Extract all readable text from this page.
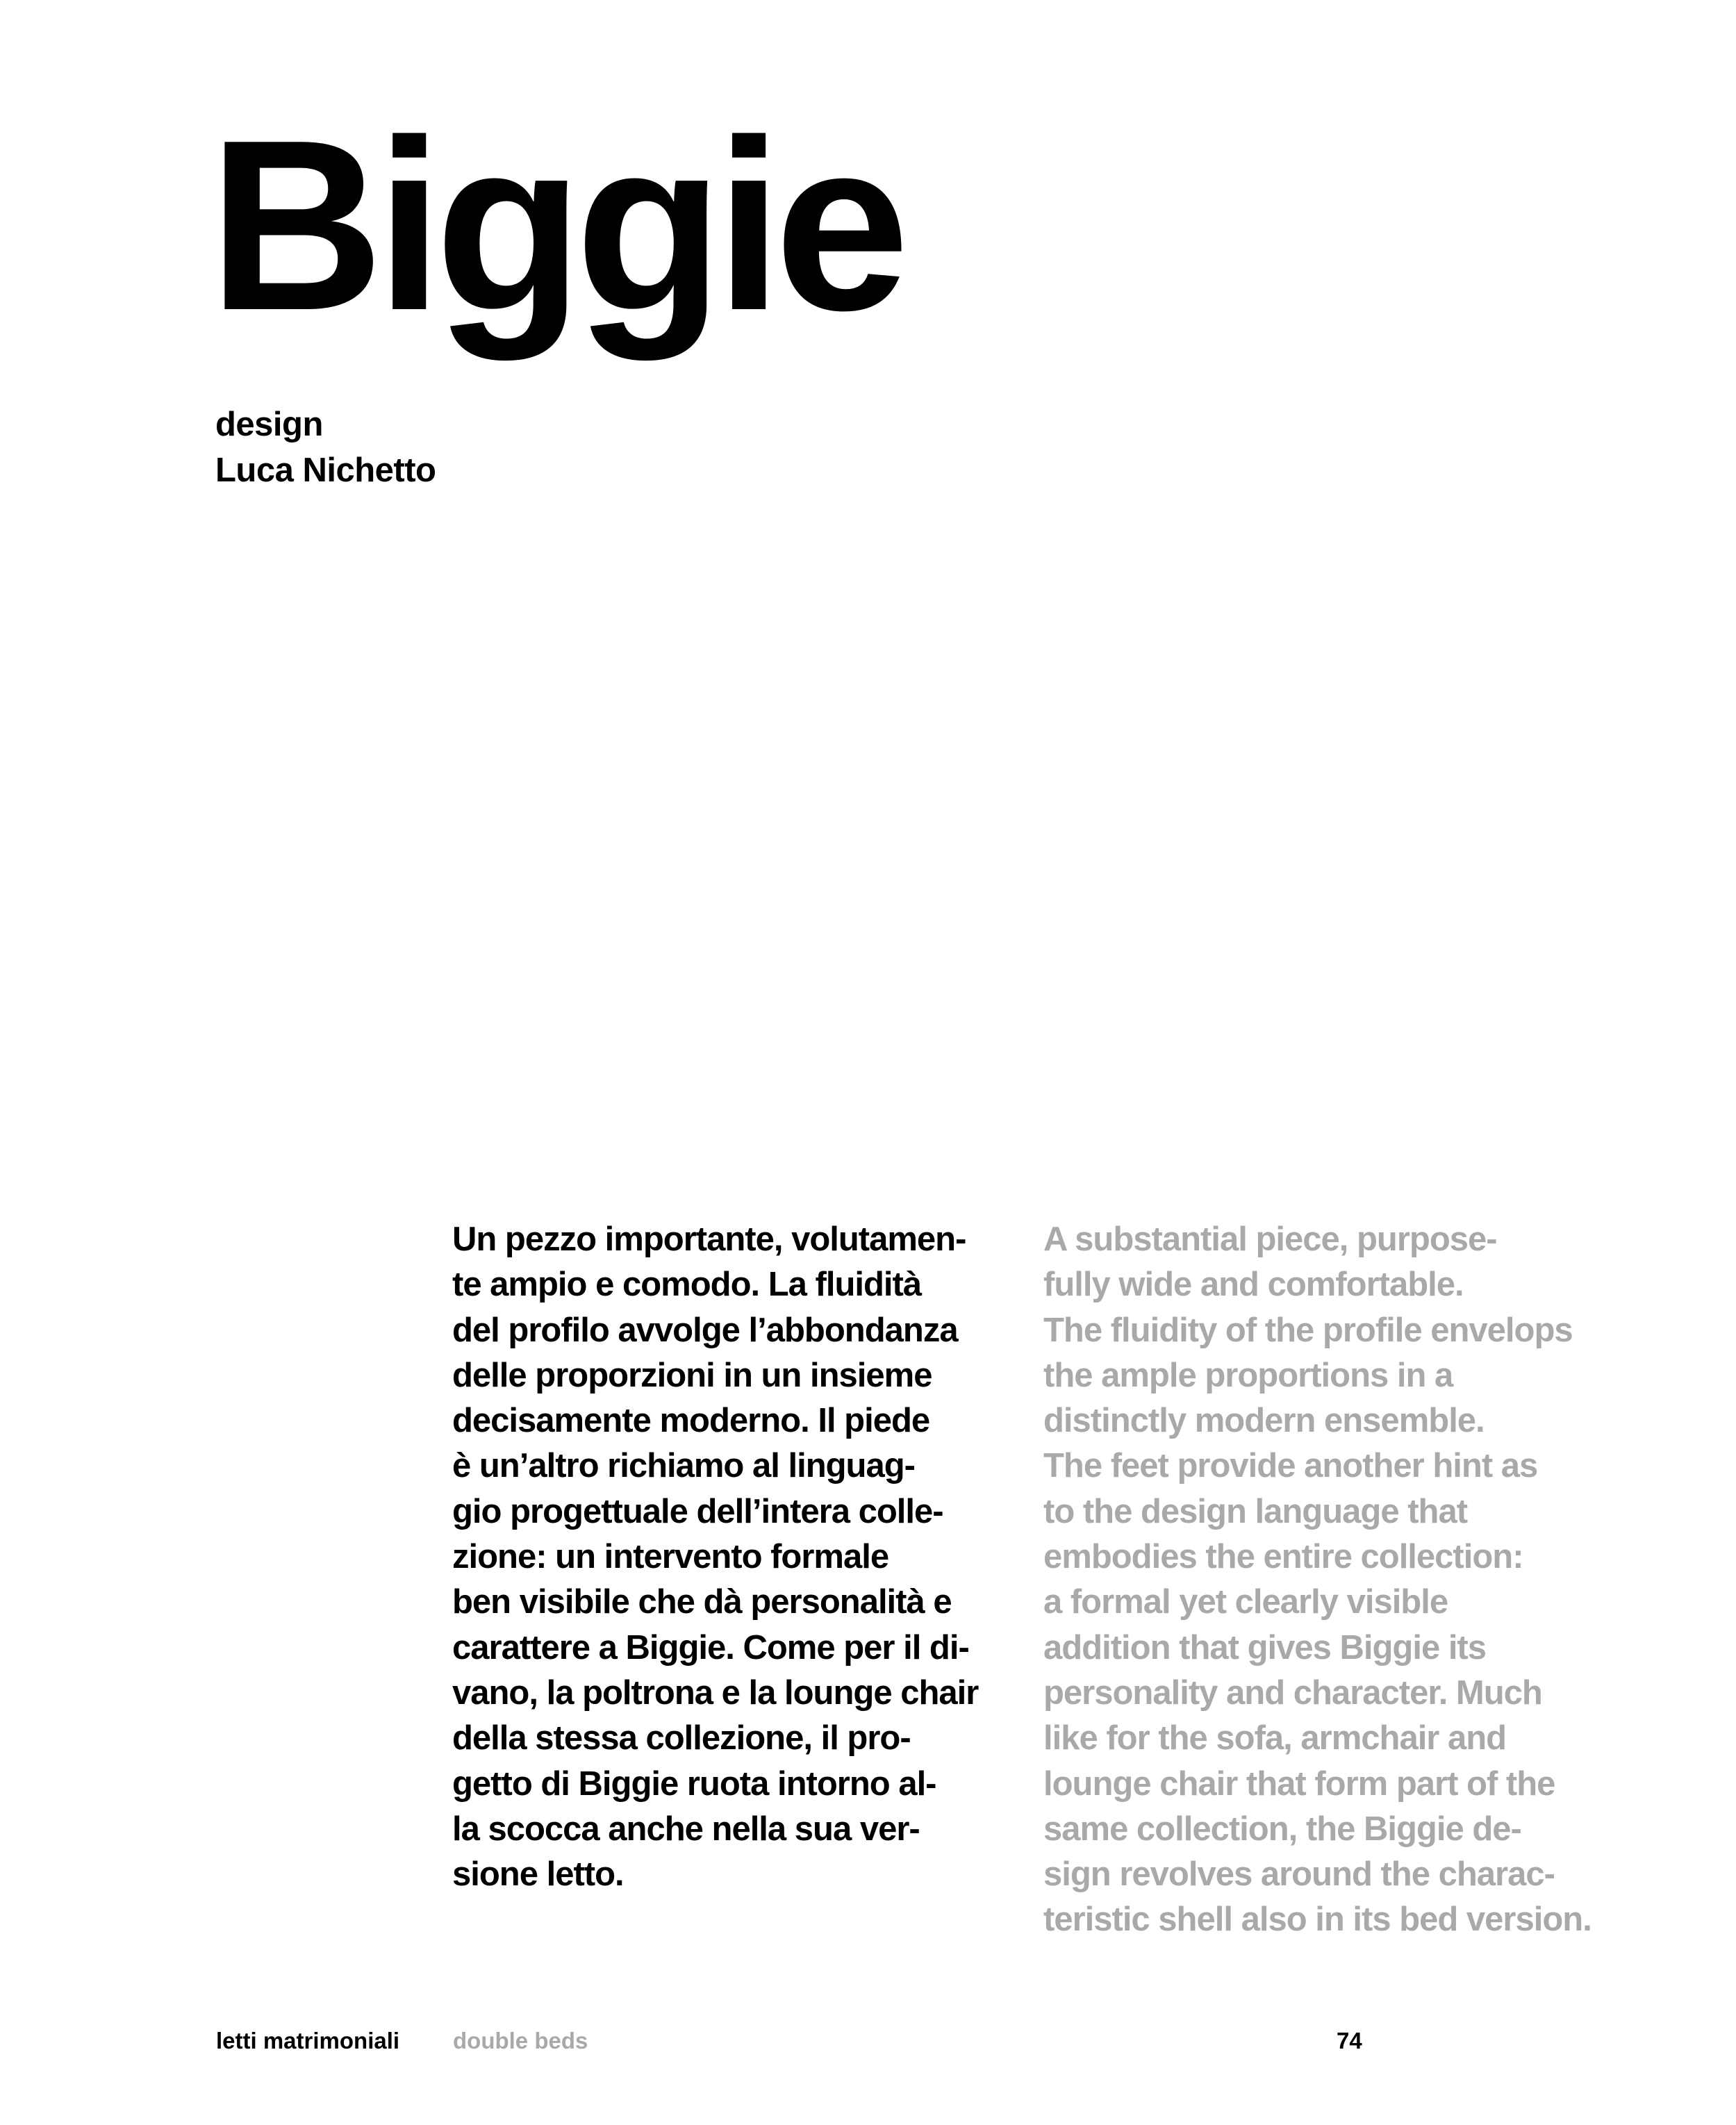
Biggie
design
Luca Nichetto
Un pezzo importante, volutamen-
te ampio e comodo. La fluidità
del profilo avvolge l’abbondanza
delle proporzioni in un insieme
decisamente moderno. Il piede
è un’altro richiamo al linguag-
gio progettuale dell’intera colle-
zione: un intervento formale
ben visibile che dà personalità e
carattere a Biggie. Come per il di-
vano, la poltrona e la lounge chair
della stessa collezione, il pro-
getto di Biggie ruota intorno al-
la scocca anche nella sua ver-
sione letto.
A substantial piece, purpose-
fully wide and comfortable.
The fluidity of the profile envelops
the ample proportions in a
distinctly modern ensemble.
The feet provide another hint as
to the design language that
embodies the entire collection:
a formal yet clearly visible
addition that gives Biggie its
personality and character. Much
like for the sofa, armchair and
lounge chair that form part of the
same collection, the Biggie de-
sign revolves around the charac-
teristic shell also in its bed version.
letti matrimoniali double beds	74
